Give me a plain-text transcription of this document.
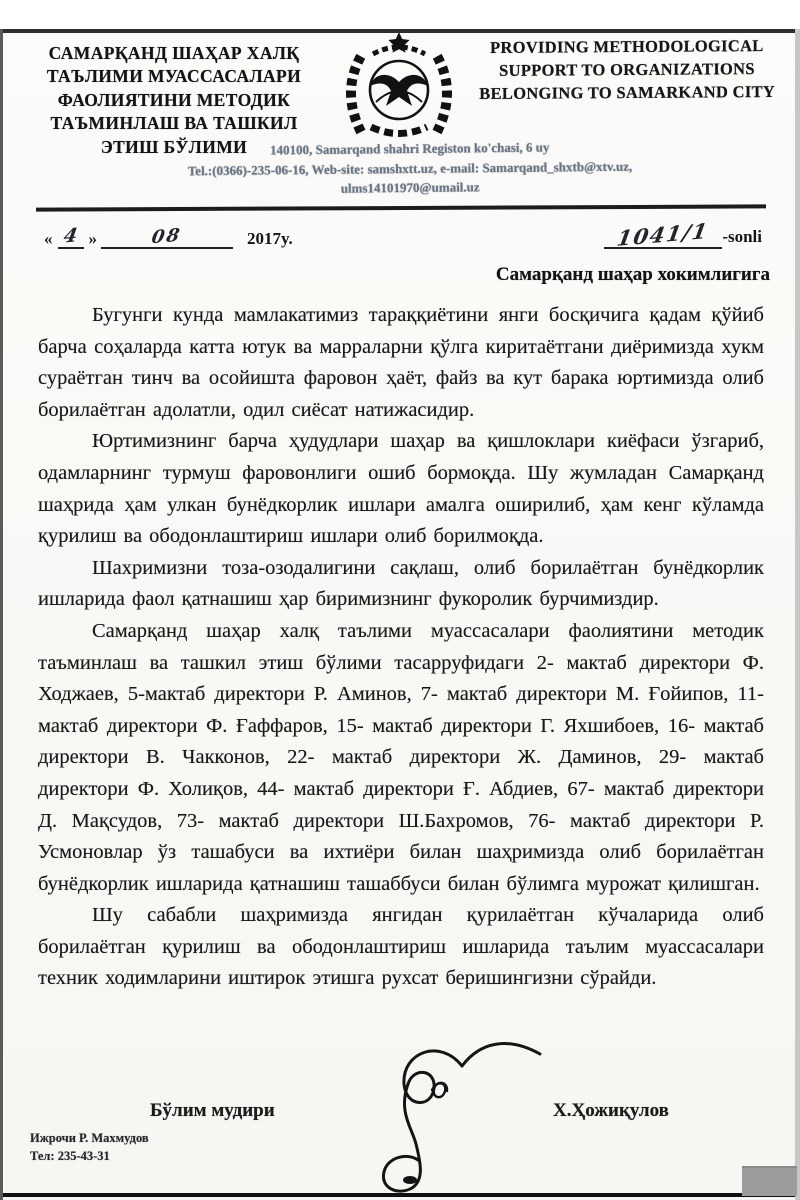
САМАРҚАНД ШАҲАР ХАЛҚ ТАЪЛИМИ МУАССАСАЛАРИ ФАОЛИЯТИНИ МЕТОДИК ТАЪМИНЛАШ ВА ТАШКИЛ ЭТИШ БЎЛИМИ
PROVIDING METHODOLOGICAL SUPPORT TO ORGANIZATIONS BELONGING TO SAMARKAND CITY
140100, Samarqand shahri Registon ko'chasi, 6 uy
Tel.:(0366)-235-06-16, Web-site: samshxtt.uz, e-mail: Samarqand_shxtb@xtv.uz,
ulms14101970@umail.uz
« 4 »	08	2017y.	1041/1 -sonli
Самарқанд шаҳар хокимлигига

Бугунги кунда мамлакатимиз тараққиётини янги босқичига қадам қўйиб барча соҳаларда катта ютук ва марраларни қўлга киритаётгани диёримизда хукм сураётган тинч ва осойишта фаровон ҳаёт, файз ва кут барака юртимизда олиб борилаётган адолатли, одил сиёсат натижасидир.

Юртимизнинг барча ҳудудлари шаҳар ва қишлоклари киёфаси ўзгариб, одамларнинг турмуш фаровонлиги ошиб бормоқда. Шу жумладан Самарқанд шаҳрида ҳам улкан бунёдкорлик ишлари амалга оширилиб, ҳам кенг кўламда қурилиш ва ободонлаштириш ишлари олиб борилмоқда.

Шахримизни тоза-озодалигини сақлаш, олиб борилаётган бунёдкорлик ишларида фаол қатнашиш ҳар биримизнинг фукоролик бурчимиздир.

Самарқанд шаҳар халқ таълими муассасалари фаолиятини методик таъминлаш ва ташкил этиш бўлими тасарруфидаги 2- мактаб директори Ф. Ходжаев, 5-мактаб директори Р. Аминов, 7- мактаб директори М. Ғойипов, 11- мактаб директори Ф. Ғаффаров, 15- мактаб директори Г. Яхшибоев, 16- мактаб директори В. Чакконов, 22- мактаб директори Ж. Даминов, 29- мактаб директори Ф. Холиқов, 44- мактаб директори Ғ. Абдиев, 67- мактаб директори Д. Мақсудов, 73- мактаб директори Ш.Бахромов, 76- мактаб директори Р. Усмоновлар ўз ташабуси ва ихтиёри билан шаҳримизда олиб борилаётган бунёдкорлик ишларида қатнашиш ташаббуси билан бўлимга мурожат қилишган.

Шу сабабли шаҳримизда янгидан қурилаётган кўчаларида олиб борилаётган қурилиш ва ободонлаштириш ишларида таълим муассасалари техник ходимларини иштирок этишга рухсат беришингизни сўрайди.

Бўлим мудири	Х.Ҳожиқулов
Ижрочи Р. Махмудов
Тел: 235-43-31
